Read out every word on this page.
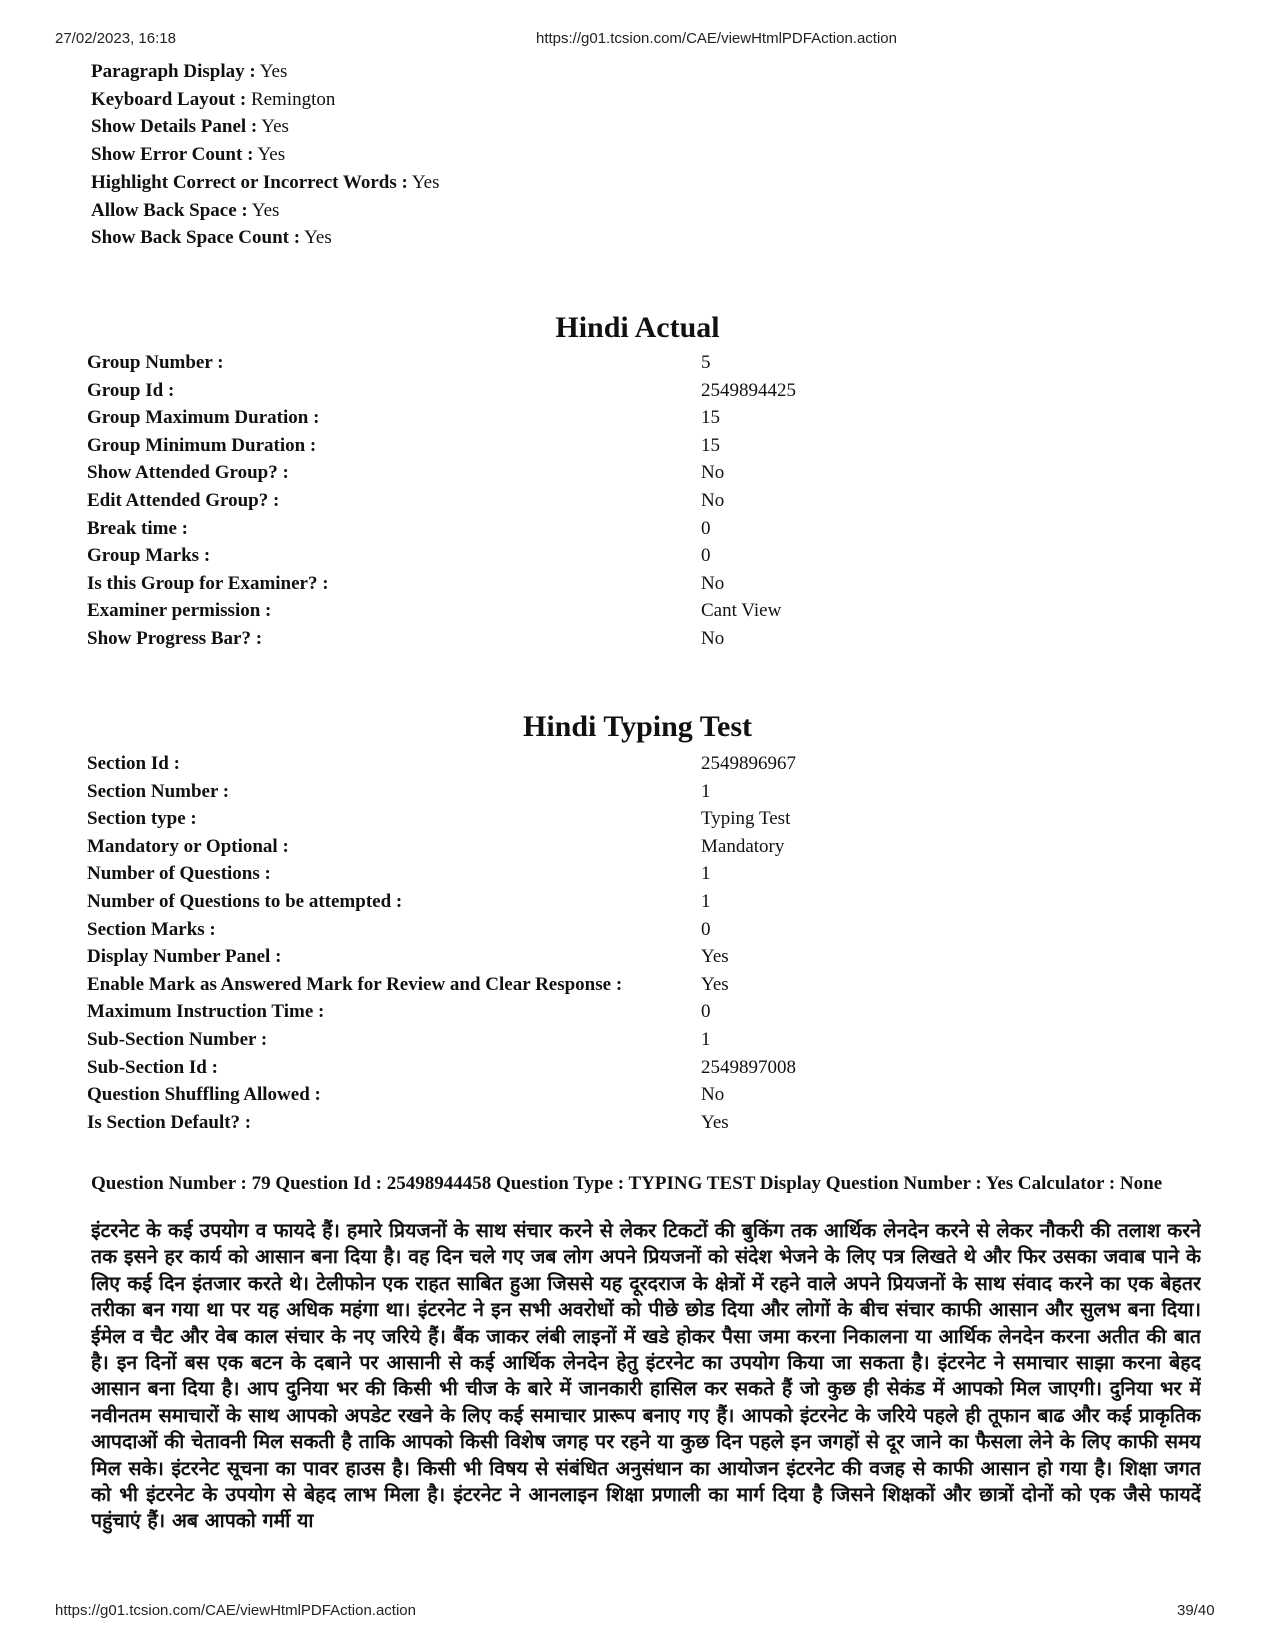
27/02/2023, 16:18	https://g01.tcsion.com/CAE/viewHtmlPDFAction.action
Paragraph Display : Yes
Keyboard Layout : Remington
Show Details Panel : Yes
Show Error Count : Yes
Highlight Correct or Incorrect Words : Yes
Allow Back Space : Yes
Show Back Space Count : Yes
Hindi Actual
Group Number :	5
Group Id :	2549894425
Group Maximum Duration :	15
Group Minimum Duration :	15
Show Attended Group? :	No
Edit Attended Group? :	No
Break time :	0
Group Marks :	0
Is this Group for Examiner? :	No
Examiner permission :	Cant View
Show Progress Bar? :	No
Hindi Typing Test
Section Id :	2549896967
Section Number :	1
Section type :	Typing Test
Mandatory or Optional :	Mandatory
Number of Questions :	1
Number of Questions to be attempted :	1
Section Marks :	0
Display Number Panel :	Yes
Enable Mark as Answered Mark for Review and Clear Response :	Yes
Maximum Instruction Time :	0
Sub-Section Number :	1
Sub-Section Id :	2549897008
Question Shuffling Allowed :	No
Is Section Default? :	Yes
Question Number : 79 Question Id : 25498944458 Question Type : TYPING TEST Display Question Number : Yes Calculator : None
इंटरनेट के कई उपयोग व फायदे हैं। हमारे प्रियजनों के साथ संचार करने से लेकर टिकटों की बुकिंग तक आर्थिक लेनदेन करने से लेकर नौकरी की तलाश करने तक इसने हर कार्य को आसान बना दिया है। वह दिन चले गए जब लोग अपने प्रियजनों को संदेश भेजने के लिए पत्र लिखते थे और फिर उसका जवाब पाने के लिए कई दिन इंतजार करते थे। टेलीफोन एक राहत साबित हुआ जिससे यह दूरदराज के क्षेत्रों में रहने वाले अपने प्रियजनों के साथ संवाद करने का एक बेहतर तरीका बन गया था पर यह अधिक महंगा था। इंटरनेट ने इन सभी अवरोधों को पीछे छोड दिया और लोगों के बीच संचार काफी आसान और सुलभ बना दिया। ईमेल व चैट और वेब काल संचार के नए जरिये हैं। बैंक जाकर लंबी लाइनों में खडे होकर पैसा जमा करना निकालना या आर्थिक लेनदेन करना अतीत की बात है। इन दिनों बस एक बटन के दबाने पर आसानी से कई आर्थिक लेनदेन हेतु इंटरनेट का उपयोग किया जा सकता है। इंटरनेट ने समाचार साझा करना बेहद आसान बना दिया है। आप दुनिया भर की किसी भी चीज के बारे में जानकारी हासिल कर सकते हैं जो कुछ ही सेकंड में आपको मिल जाएगी। दुनिया भर में नवीनतम समाचारों के साथ आपको अपडेट रखने के लिए कई समाचार प्रारूप बनाए गए हैं। आपको इंटरनेट के जरिये पहले ही तूफान बाढ और कई प्राकृतिक आपदाओं की चेतावनी मिल सकती है ताकि आपको किसी विशेष जगह पर रहने या कुछ दिन पहले इन जगहों से दूर जाने का फैसला लेने के लिए काफी समय मिल सके। इंटरनेट सूचना का पावर हाउस है। किसी भी विषय से संबंधित अनुसंधान का आयोजन इंटरनेट की वजह से काफी आसान हो गया है। शिक्षा जगत को भी इंटरनेट के उपयोग से बेहद लाभ मिला है। इंटरनेट ने आनलाइन शिक्षा प्रणाली का मार्ग दिया है जिसने शिक्षकों और छात्रों दोनों को एक जैसे फायदें पहुंचाएं हैं। अब आपको गर्मी या
https://g01.tcsion.com/CAE/viewHtmlPDFAction.action	39/40
